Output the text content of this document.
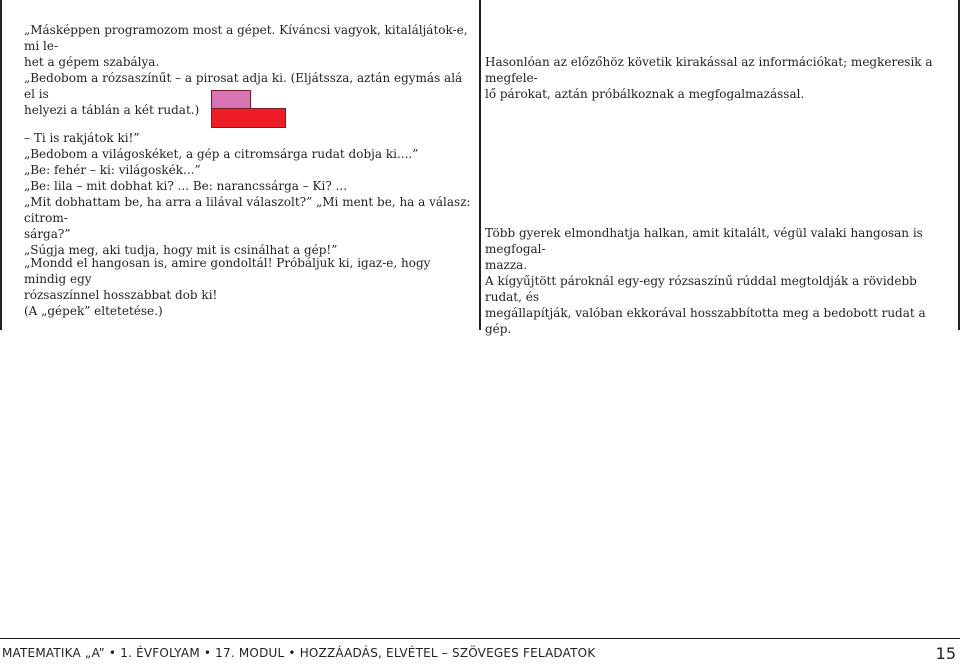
„Másképpen programozom most a gépet. Kíváncsi vagyok, kitaláljátok-e, mi le-
het a gépem szabálya.
„Bedobom a rózsaszínűt – a pirosat adja ki. (Eljátssza, aztán egymás alá el is
helyezi a táblán a két rudat.)
– Ti is rakjátok ki!”
„Bedobom a világoskéket, a gép a citromsárga rudat dobja ki....”
„Be: fehér – ki: világoskék...”
„Be: lila – mit dobhat ki? ... Be: narancssárga – Ki? ...
„Mit dobhattam be, ha arra a lilával válaszolt?” „Mi ment be, ha a válasz: citrom-
sárga?”
„Súgja meg, aki tudja, hogy mit is csinálhat a gép!”
„Mondd el hangosan is, amire gondoltál! Próbáljuk ki, igaz-e, hogy mindig egy
rózsaszínnel hosszabbat dob ki!
(A „gépek” eltetetése.)
Hasonlóan az előzőhöz követik kirakással az információkat; megkeresik a megfele-
lő párokat, aztán próbálkoznak a megfogalmazással.
Több gyerek elmondhatja halkan, amit kitalált, végül valaki hangosan is megfogal-
mazza.
A kígyűjtött pároknál egy-egy rózsaszínű rúddal megtoldják a rövidebb rudat, és
megállapítják, valóban ekkorával hosszabbította meg a bedobott rudat a gép.
MATEMATIKA „A” • 1. ÉVFOLYAM • 17. MODUL • HOZZÁADÁS, ELVÉTEL – SZÖVEGES FELADATOK	15
